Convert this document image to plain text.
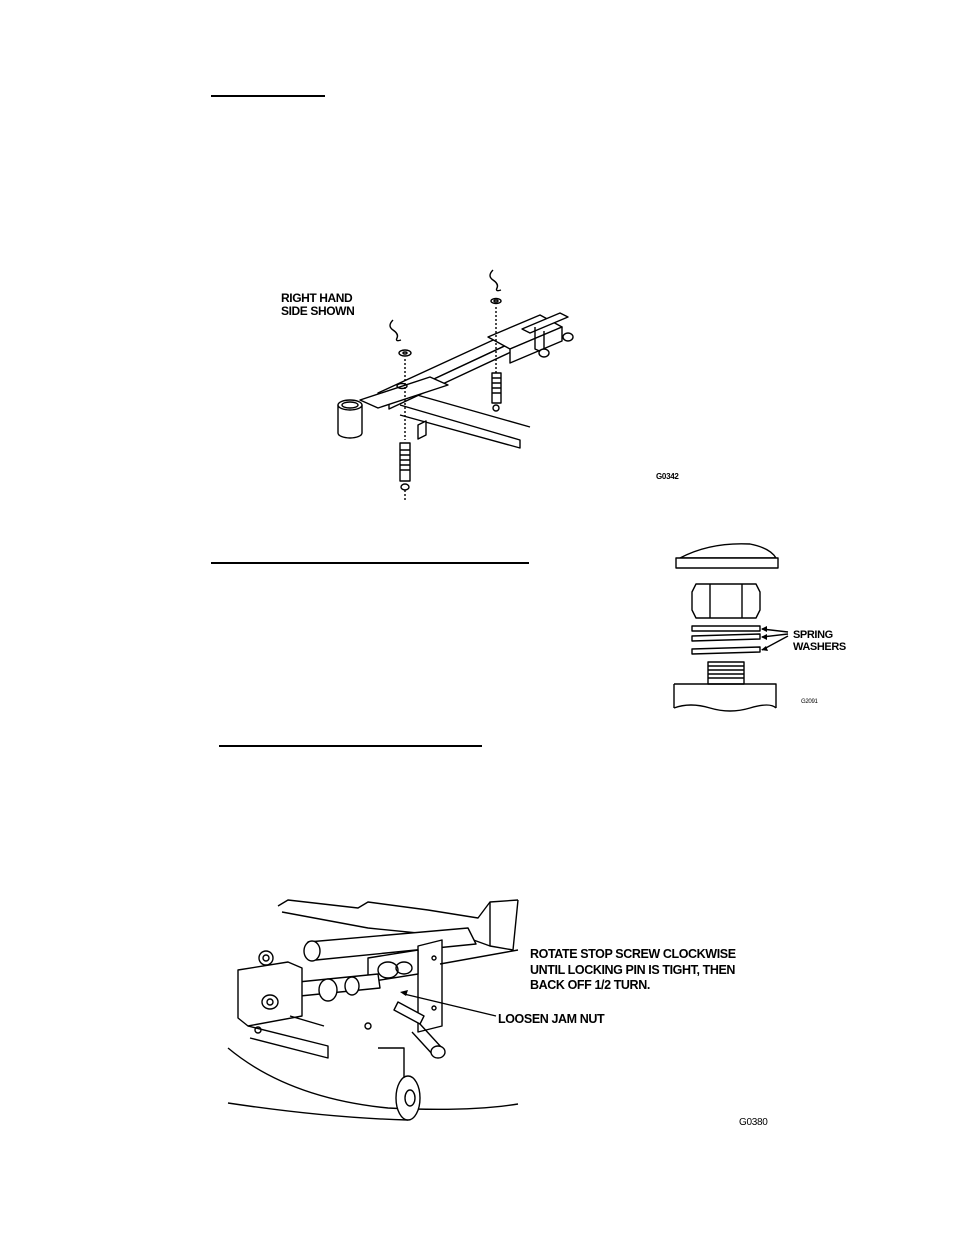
RIGHT HAND
SIDE SHOWN
G0342
SPRING
WASHERS
G2091
ROTATE STOP SCREW CLOCKWISE
UNTIL LOCKING PIN IS TIGHT, THEN
BACK OFF 1/2 TURN.
LOOSEN JAM NUT
G0380
